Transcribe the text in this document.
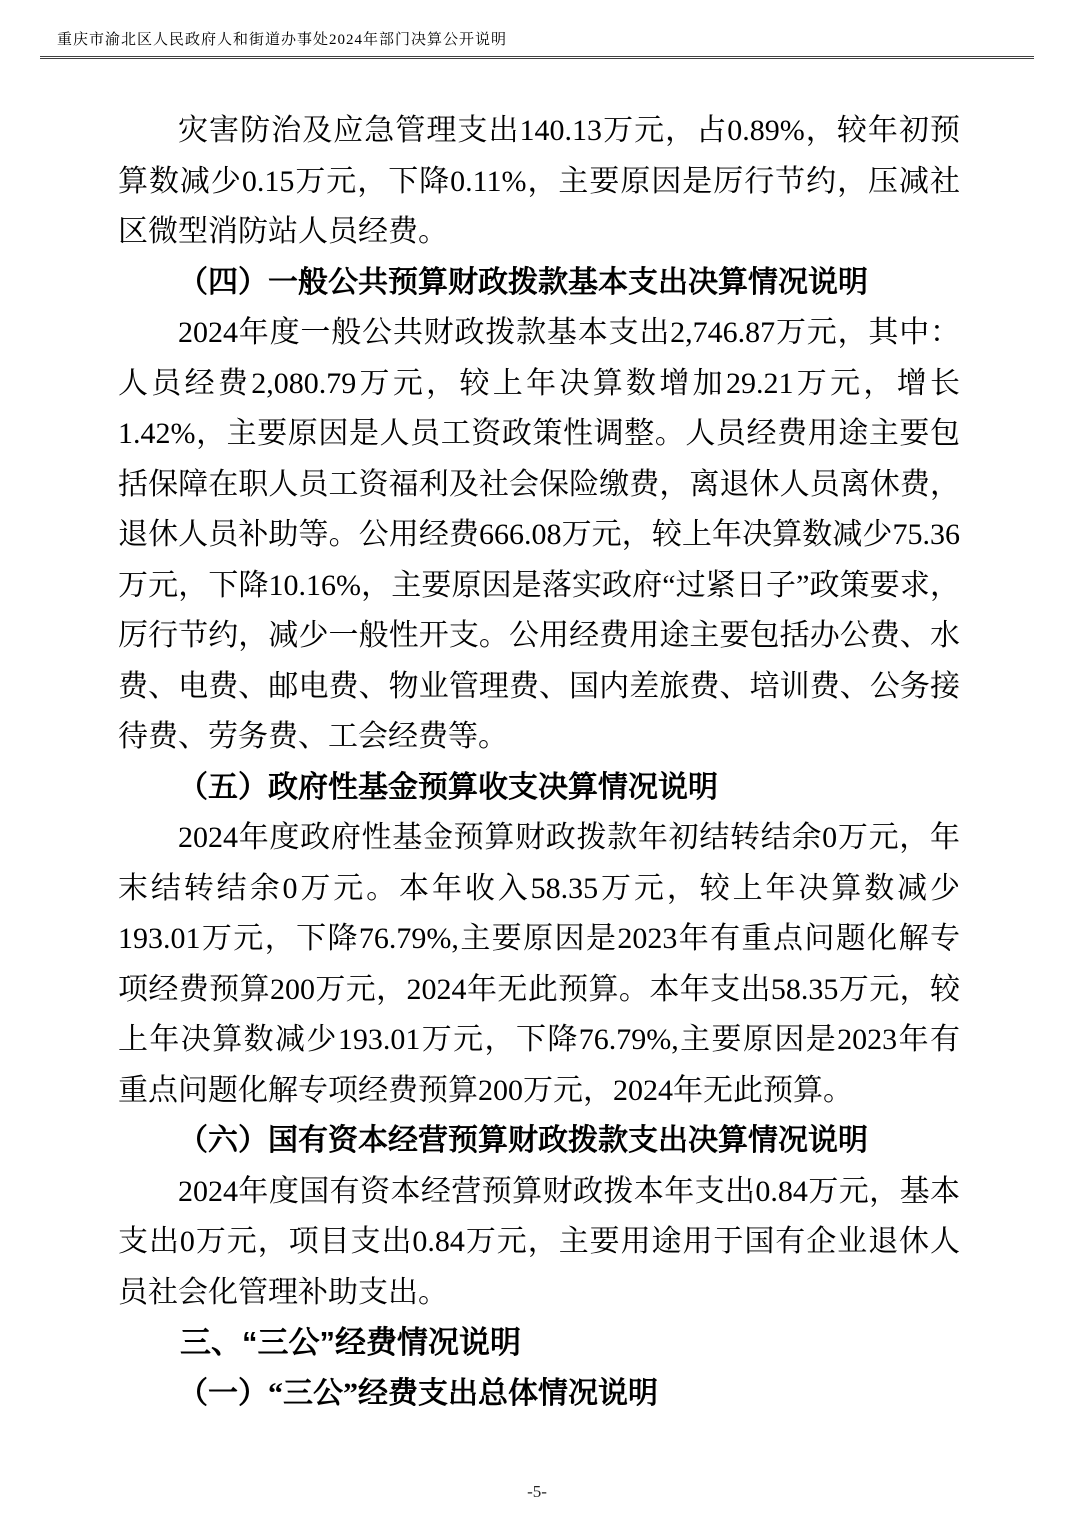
重庆市渝北区人民政府人和街道办事处2024年部门决算公开说明

灾害防治及应急管理支出140.13万元，占0.89%，较年初预算数减少0.15万元，下降0.11%，主要原因是厉行节约，压减社区微型消防站人员经费。

（四）一般公共预算财政拨款基本支出决算情况说明

2024年度一般公共财政拨款基本支出2,746.87万元，其中：人员经费2,080.79万元，较上年决算数增加29.21万元，增长1.42%，主要原因是人员工资政策性调整。人员经费用途主要包括保障在职人员工资福利及社会保险缴费，离退休人员离休费，退休人员补助等。公用经费666.08万元，较上年决算数减少75.36万元，下降10.16%，主要原因是落实政府“过紧日子”政策要求，厉行节约，减少一般性开支。公用经费用途主要包括办公费、水费、电费、邮电费、物业管理费、国内差旅费、培训费、公务接待费、劳务费、工会经费等。

（五）政府性基金预算收支决算情况说明

2024年度政府性基金预算财政拨款年初结转结余0万元，年末结转结余0万元。本年收入58.35万元，较上年决算数减少193.01万元，下降76.79%,主要原因是2023年有重点问题化解专项经费预算200万元，2024年无此预算。本年支出58.35万元，较上年决算数减少193.01万元，下降76.79%,主要原因是2023年有重点问题化解专项经费预算200万元，2024年无此预算。

（六）国有资本经营预算财政拨款支出决算情况说明

2024年度国有资本经营预算财政拨本年支出0.84万元，基本支出0万元，项目支出0.84万元，主要用途用于国有企业退休人员社会化管理补助支出。

三、“三公”经费情况说明

（一）“三公”经费支出总体情况说明

-5-
